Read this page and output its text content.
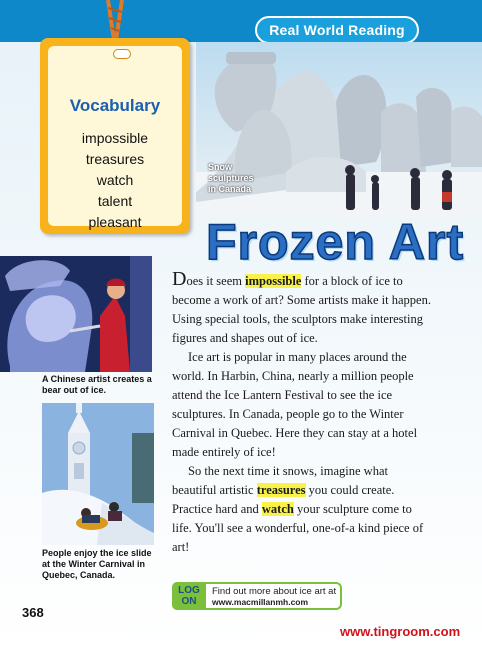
Real World Reading
Vocabulary
impossible
treasures
watch
talent
pleasant
Snow
sculptures
in Canada
Frozen Art
A Chinese artist creates a bear out of ice.
People enjoy the ice slide at the Winter Carnival in Quebec, Canada.

Does it seem impossible for a block of ice to become a work of art? Some artists make it happen. Using special tools, the sculptors make interesting figures and shapes out of ice.

Ice art is popular in many places around the world. In Harbin, China, nearly a million people attend the Ice Lantern Festival to see the ice sculptures. In Canada, people go to the Winter Carnival in Quebec. Here they can stay at a hotel made entirely of ice!

So the next time it snows, imagine what beautiful artistic treasures you could create. Practice hard and watch your sculpture come to life. You'll see a wonderful, one-of-a kind piece of art!

LOG
ON
Find out more about ice art at
www.macmillanmh.com
368
www.tingroom.com
